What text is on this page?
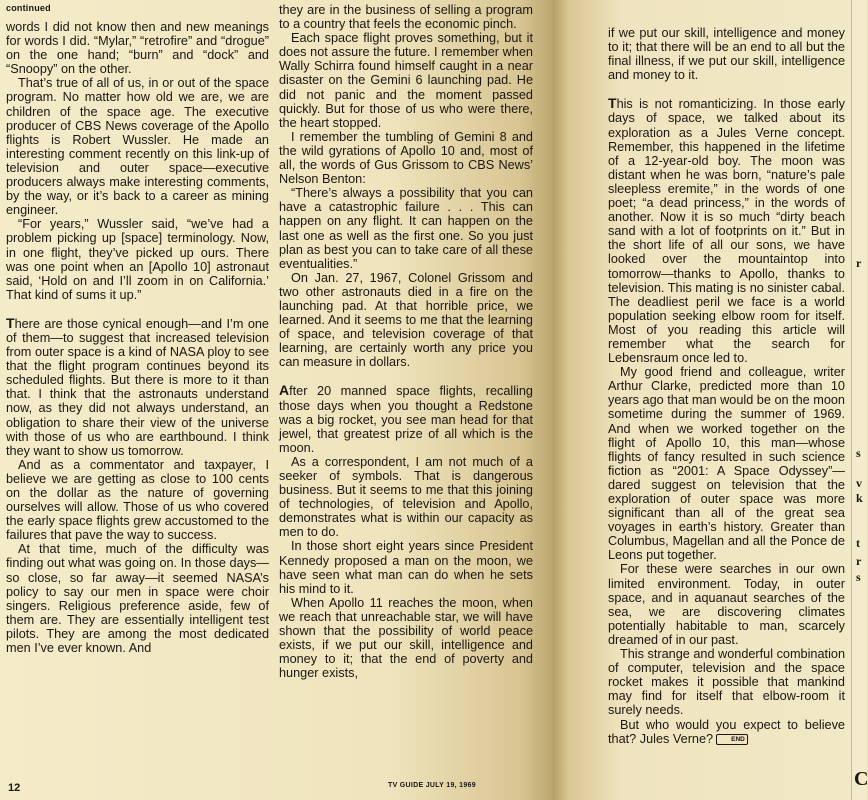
continued

words I did not know then and new meanings for words I did. “Mylar,” “retrofire” and “drogue” on the one hand; “burn” and “dock” and “Snoopy” on the other.

That’s true of all of us, in or out of the space program. No matter how old we are, we are children of the space age. The executive producer of CBS News coverage of the Apollo flights is Robert Wussler. He made an interesting comment recently on this link-up of television and outer space—executive producers always make interesting comments, by the way, or it’s back to a career as mining engineer.

“For years,” Wussler said, “we’ve had a problem picking up [space] terminology. Now, in one flight, they’ve picked up ours. There was one point when an [Apollo 10] astronaut said, ‘Hold on and I’ll zoom in on California.’ That kind of sums it up.”

There are those cynical enough—and I’m one of them—to suggest that increased television from outer space is a kind of NASA ploy to see that the flight program continues beyond its scheduled flights. But there is more to it than that. I think that the astronauts understand now, as they did not always understand, an obligation to share their view of the universe with those of us who are earthbound. I think they want to show us tomorrow.

And as a commentator and taxpayer, I believe we are getting as close to 100 cents on the dollar as the nature of governing ourselves will allow. Those of us who covered the early space flights grew accustomed to the failures that pave the way to success.

At that time, much of the difficulty was finding out what was going on. In those days—so close, so far away—it seemed NASA’s policy to say our men in space were choir singers. Religious preference aside, few of them are. They are essentially intelligent test pilots. They are among the most dedicated men I’ve ever known. And

they are in the business of selling a program to a country that feels the economic pinch.

Each space flight proves something, but it does not assure the future. I remember when Wally Schirra found himself caught in a near disaster on the Gemini 6 launching pad. He did not panic and the moment passed quickly. But for those of us who were there, the heart stopped.

I remember the tumbling of Gemini 8 and the wild gyrations of Apollo 10 and, most of all, the words of Gus Grissom to CBS News’ Nelson Benton:

“There’s always a possibility that you can have a catastrophic failure . . . This can happen on any flight. It can happen on the last one as well as the first one. So you just plan as best you can to take care of all these eventualities.”

On Jan. 27, 1967, Colonel Grissom and two other astronauts died in a fire on the launching pad. At that horrible price, we learned. And it seems to me that the learning of space, and television coverage of that learning, are certainly worth any price you can measure in dollars.

After 20 manned space flights, recalling those days when you thought a Redstone was a big rocket, you see man head for that jewel, that greatest prize of all which is the moon.

As a correspondent, I am not much of a seeker of symbols. That is dangerous business. But it seems to me that this joining of technologies, of television and Apollo, demonstrates what is within our capacity as men to do.

In those short eight years since President Kennedy proposed a man on the moon, we have seen what man can do when he sets his mind to it.

When Apollo 11 reaches the moon, when we reach that unreachable star, we will have shown that the possibility of world peace exists, if we put our skill, intelligence and money to it; that the end of poverty and hunger exists,

12	TV GUIDE JULY 19, 1969

if we put our skill, intelligence and money to it; that there will be an end to all but the final illness, if we put our skill, intelligence and money to it.

This is not romanticizing. In those early days of space, we talked about its exploration as a Jules Verne concept. Remember, this happened in the lifetime of a 12-year-old boy. The moon was distant when he was born, “nature’s pale sleepless eremite,” in the words of one poet; “a dead princess,” in the words of another. Now it is so much “dirty beach sand with a lot of footprints on it.” But in the short life of all our sons, we have looked over the mountaintop into tomorrow—thanks to Apollo, thanks to television. This mating is no sinister cabal. The deadliest peril we face is a world population seeking elbow room for itself. Most of you reading this article will remember what the search for Lebensraum once led to.

My good friend and colleague, writer Arthur Clarke, predicted more than 10 years ago that man would be on the moon sometime during the summer of 1969. And when we worked together on the flight of Apollo 10, this man—whose flights of fancy resulted in such science fiction as “2001: A Space Odyssey”—dared suggest on television that the exploration of outer space was more significant than all of the great sea voyages in earth’s history. Greater than Columbus, Magellan and all the Ponce de Leons put together.

For these were searches in our own limited environment. Today, in outer space, and in aquanaut searches of the sea, we are discovering climates potentially habitable to man, scarcely dreamed of in our past.

This strange and wonderful combination of computer, television and the space rocket makes it possible that mankind may find for itself that elbow-room it surely needs.

But who would you expect to believe that? Jules Verne?	END

r
s
v
k
t
r
s
C
